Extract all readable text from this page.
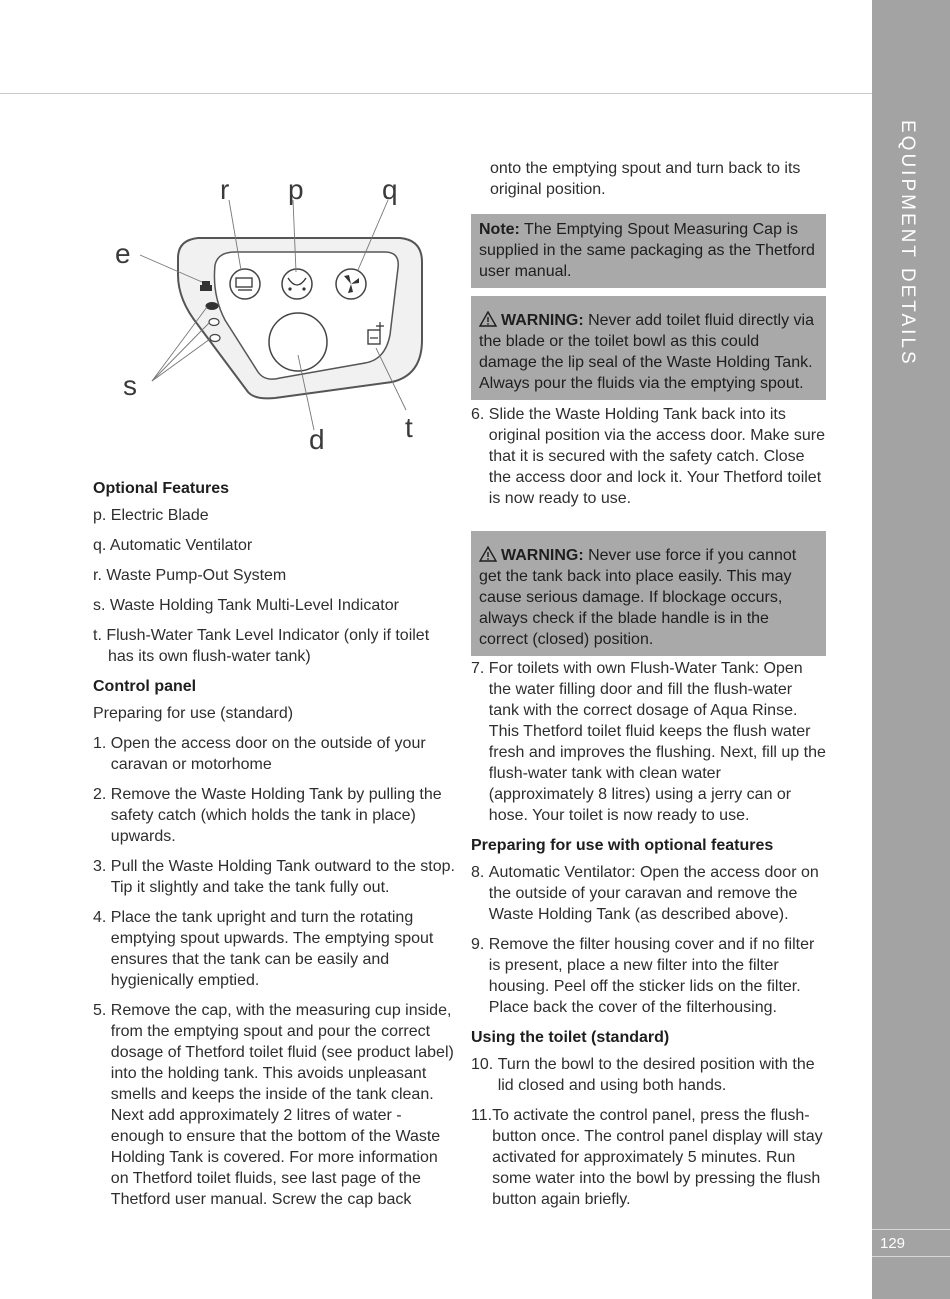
EQUIPMENT DETAILS
129
r p	q
e
s
d	t
Optional Features
p. Electric Blade
q. Automatic Ventilator
r. Waste Pump-Out System
s. Waste Holding Tank Multi-Level Indicator
t. Flush-Water Tank Level Indicator (only if toilet has its own flush-water tank)
Control panel
Preparing for use (standard)
1. Open the access door on the outside of your caravan or motorhome
2. Remove the Waste Holding Tank by pulling the safety catch (which holds the tank in place) upwards.
3. Pull the Waste Holding Tank outward to the stop. Tip it slightly and take the tank fully out.
4. Place the tank upright and turn the rotating emptying spout upwards. The emptying spout ensures that the tank can be easily and hygienically emptied.
5. Remove the cap, with the measuring cup inside, from the emptying spout and pour the correct dosage of Thetford toilet fluid (see product label) into the holding tank. This avoids unpleasant smells and keeps the inside of the tank clean. Next add approximately 2 litres of water - enough to ensure that the bottom of the Waste Holding Tank is covered. For more information on Thetford toilet fluids, see last page of the Thetford user manual. Screw the cap back
onto the emptying spout and turn back to its original position.
Note: The Emptying Spout Measuring Cap is supplied in the same packaging as the Thetford user manual.
WARNING: Never add toilet fluid directly via the blade or the toilet bowl as this could damage the lip seal of the Waste Holding Tank. Always pour the fluids via the emptying spout.
6. Slide the Waste Holding Tank back into its original position via the access door. Make sure that it is secured with the safety catch. Close the access door and lock it. Your Thetford toilet is now ready to use.
WARNING: Never use force if you cannot get the tank back into place easily. This may cause serious damage. If blockage occurs, always check if the blade handle is in the correct (closed) position.
7. For toilets with own Flush-Water Tank: Open the water filling door and fill the flush-water tank with the correct dosage of Aqua Rinse. This Thetford toilet fluid keeps the flush water fresh and improves the flushing. Next, fill up the flush-water tank with clean water (approximately 8 litres) using a jerry can or hose. Your toilet is now ready to use.
Preparing for use with optional features
8. Automatic Ventilator: Open the access door on the outside of your caravan and remove the Waste Holding Tank (as described above).
9. Remove the filter housing cover and if no filter is present, place a new filter into the filter housing. Peel off the sticker lids on the filter. Place back the cover of the filterhousing.
Using the toilet (standard)
10. Turn the bowl to the desired position with the lid closed and using both hands.
11. To activate the control panel, press the flush-button once. The control panel display will stay activated for approximately 5 minutes. Run some water into the bowl by pressing the flush button again briefly.
